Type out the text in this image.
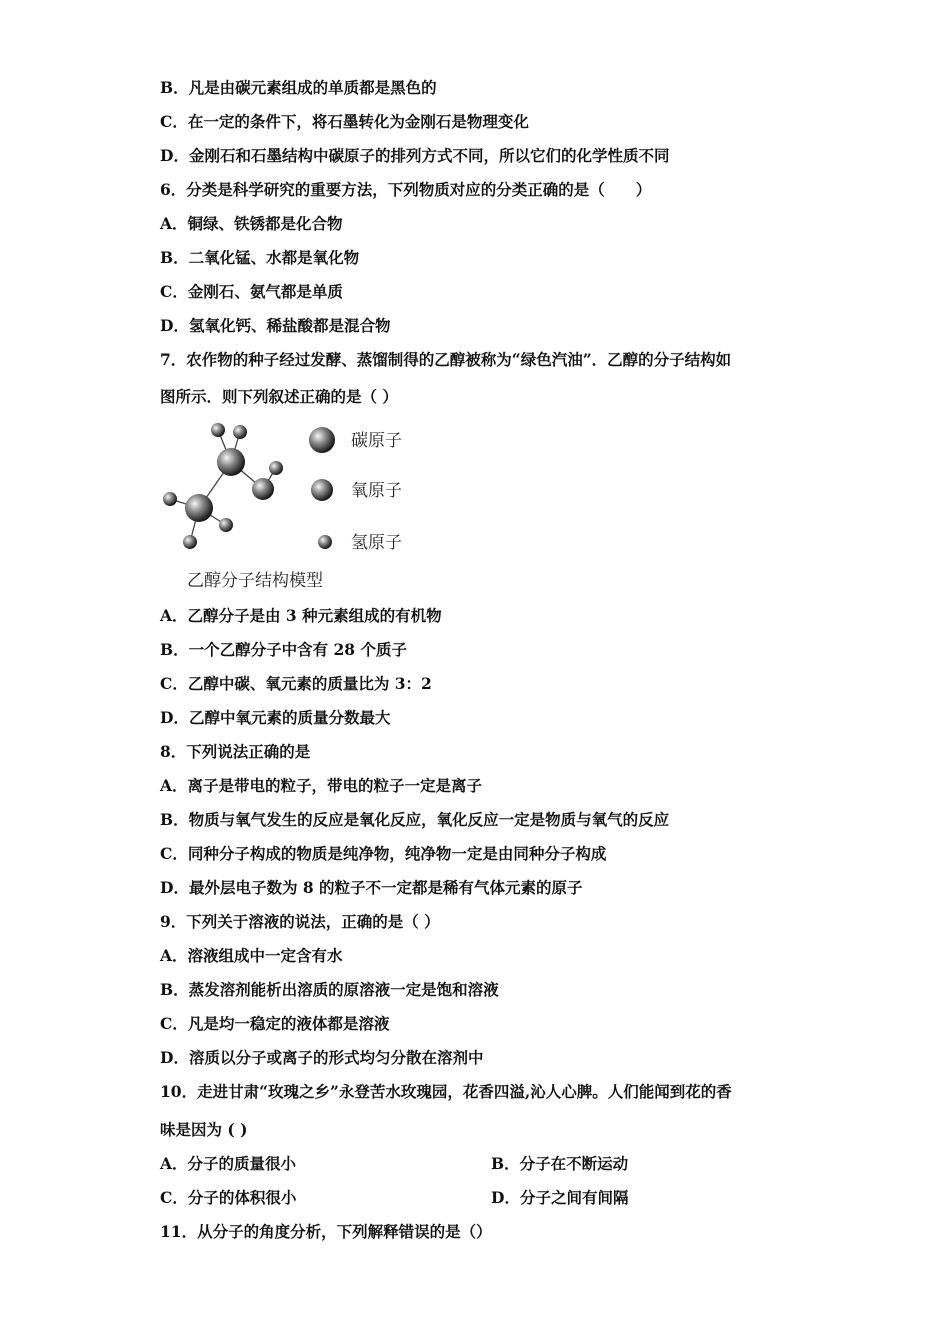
B．凡是由碳元素组成的单质都是黑色的
C．在一定的条件下，将石墨转化为金刚石是物理变化
D．金刚石和石墨结构中碳原子的排列方式不同，所以它们的化学性质不同
6．分类是科学研究的重要方法，下列物质对应的分类正确的是（　　）
A．铜绿、铁锈都是化合物
B．二氧化锰、水都是氧化物
C．金刚石、氨气都是单质
D．氢氧化钙、稀盐酸都是混合物
7．农作物的种子经过发酵、蒸馏制得的乙醇被称为“绿色汽油”．乙醇的分子结构如
图所示．则下列叙述正确的是（ ）
碳原子
氧原子
氢原子
乙醇分子结构模型
A．乙醇分子是由 3 种元素组成的有机物
B．一个乙醇分子中含有 28 个质子
C．乙醇中碳、氧元素的质量比为 3：2
D．乙醇中氧元素的质量分数最大
8．下列说法正确的是
A．离子是带电的粒子，带电的粒子一定是离子
B．物质与氧气发生的反应是氧化反应，氧化反应一定是物质与氧气的反应
C．同种分子构成的物质是纯净物，纯净物一定是由同种分子构成
D．最外层电子数为 8 的粒子不一定都是稀有气体元素的原子
9．下列关于溶液的说法，正确的是（ ）
A．溶液组成中一定含有水
B．蒸发溶剂能析出溶质的原溶液一定是饱和溶液
C．凡是均一稳定的液体都是溶液
D．溶质以分子或离子的形式均匀分散在溶剂中
10．走进甘肃“玫瑰之乡”永登苦水玫瑰园，花香四溢,沁人心脾。人们能闻到花的香
味是因为 ( )
A．分子的质量很小	B．分子在不断运动
C．分子的体积很小	D．分子之间有间隔
11．从分子的角度分析，下列解释错误的是（）
